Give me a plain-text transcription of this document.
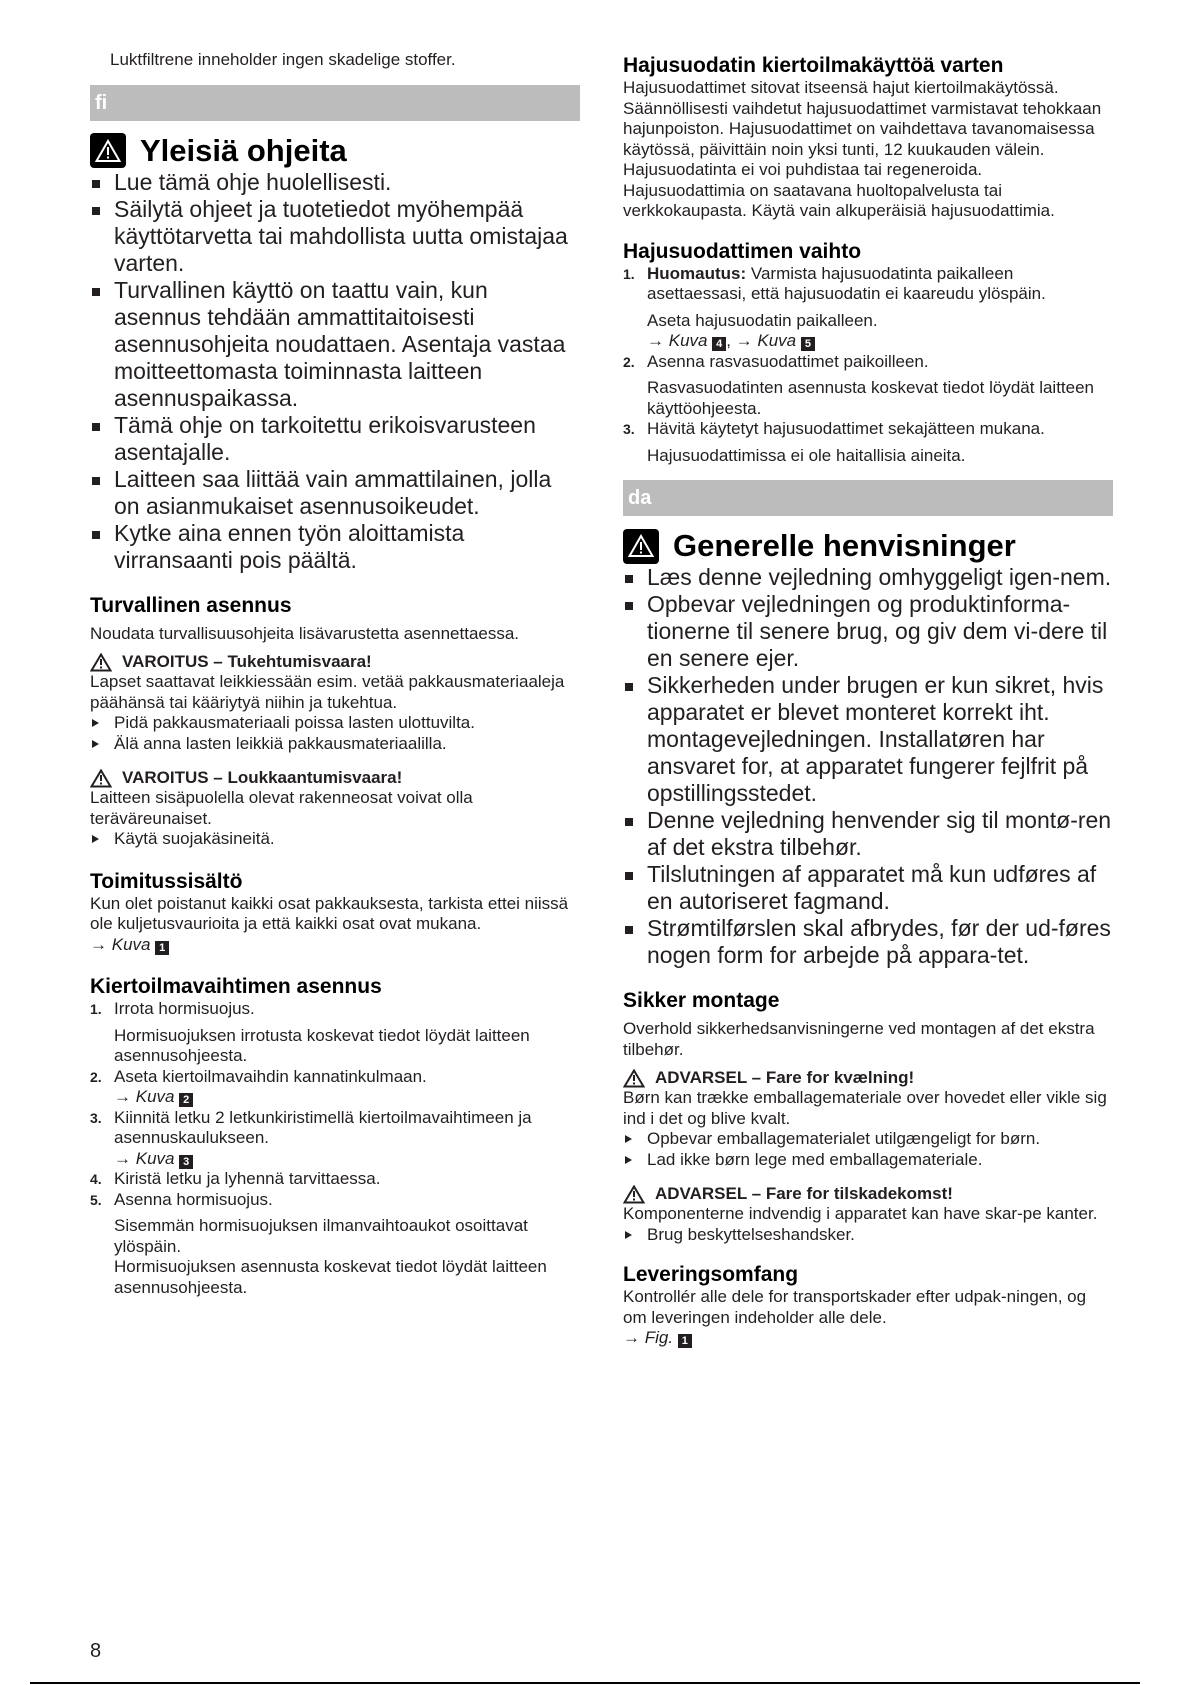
Luktfiltrene inneholder ingen skadelige stoffer.

fi
Yleisiä ohjeita
Lue tämä ohje huolellisesti.
Säilytä ohjeet ja tuotetiedot myöhempää käyttötarvetta tai mahdollista uutta omistajaa varten.
Turvallinen käyttö on taattu vain, kun asennus tehdään ammattitaitoisesti asennusohjeita noudattaen. Asentaja vastaa moitteettomasta toiminnasta laitteen asennuspaikassa.
Tämä ohje on tarkoitettu erikoisvarusteen asentajalle.
Laitteen saa liittää vain ammattilainen, jolla on asianmukaiset asennusoikeudet.
Kytke aina ennen työn aloittamista virransaanti pois päältä.
Turvallinen asennus

Noudata turvallisuusohjeita lisävarustetta asennettaessa.

VAROITUS – Tukehtumisvaara!

Lapset saattavat leikkiessään esim. vetää pakkausmateriaaleja päähänsä tai kääriytyä niihin ja tukehtua.

Pidä pakkausmateriaali poissa lasten ulottuvilta.
Älä anna lasten leikkiä pakkausmateriaalilla.
VAROITUS – Loukkaantumisvaara!

Laitteen sisäpuolella olevat rakenneosat voivat olla teräväreunaiset.

Käytä suojakäsineitä.
Toimitussisältö

Kun olet poistanut kaikki osat pakkauksesta, tarkista ettei niissä ole kuljetusvaurioita ja että kaikki osat ovat mukana.

→ Kuva 1
Kiertoilmavaihtimen asennus
1. Irrota hormisuojus.
Hormisuojuksen irrotusta koskevat tiedot löydät laitteen asennusohjeesta.
2. Aseta kiertoilmavaihdin kannatinkulmaan.
→ Kuva 2
3. Kiinnitä letku 2 letkunkiristimellä kiertoilmavaihtimeen ja asennuskaulukseen.
→ Kuva 3
4. Kiristä letku ja lyhennä tarvittaessa.
5. Asenna hormisuojus.
Sisemmän hormisuojuksen ilmanvaihtoaukot osoittavat ylöspäin.
Hormisuojuksen asennusta koskevat tiedot löydät laitteen asennusohjeesta.
Hajusuodatin kiertoilmakäyttöä varten

Hajusuodattimet sitovat itseensä hajut kiertoilmakäytössä. Säännöllisesti vaihdetut hajusuodattimet varmistavat tehokkaan hajunpoiston. Hajusuodattimet on vaihdettava tavanomaisessa käytössä, päivittäin noin yksi tunti, 12 kuukauden välein. Hajusuodatinta ei voi puhdistaa tai regeneroida.

Hajusuodattimia on saatavana huoltopalvelusta tai verkkokaupasta. Käytä vain alkuperäisiä hajusuodattimia.

Hajusuodattimen vaihto
1. Huomautus: Varmista hajusuodatinta paikalleen asettaessasi, että hajusuodatin ei kaareudu ylöspäin.
Aseta hajusuodatin paikalleen.
→ Kuva 4 , → Kuva 5
2. Asenna rasvasuodattimet paikoilleen.
Rasvasuodatinten asennusta koskevat tiedot löydät laitteen käyttöohjeesta.
3. Hävitä käytetyt hajusuodattimet sekajätteen mukana.
Hajusuodattimissa ei ole haitallisia aineita.
da
Generelle henvisninger
Læs denne vejledning omhyggeligt igen-nem.
Opbevar vejledningen og produktinforma-tionerne til senere brug, og giv dem vi-dere til en senere ejer.
Sikkerheden under brugen er kun sikret, hvis apparatet er blevet monteret korrekt iht. montagevejledningen. Installatøren har ansvaret for, at apparatet fungerer fejlfrit på opstillingsstedet.
Denne vejledning henvender sig til montø-ren af det ekstra tilbehør.
Tilslutningen af apparatet må kun udføres af en autoriseret fagmand.
Strømtilførslen skal afbrydes, før der ud-føres nogen form for arbejde på appara-tet.
Sikker montage

Overhold sikkerhedsanvisningerne ved montagen af det ekstra tilbehør.

ADVARSEL – Fare for kvælning!

Børn kan trække emballagemateriale over hovedet eller vikle sig ind i det og blive kvalt.

Opbevar emballagematerialet utilgængeligt for børn.
Lad ikke børn lege med emballagemateriale.
ADVARSEL – Fare for tilskadekomst!

Komponenterne indvendig i apparatet kan have skar-pe kanter.

Brug beskyttelseshandsker.
Leveringsomfang

Kontrollér alle dele for transportskader efter udpak-ningen, og om leveringen indeholder alle dele.

→ Fig. 1
8
